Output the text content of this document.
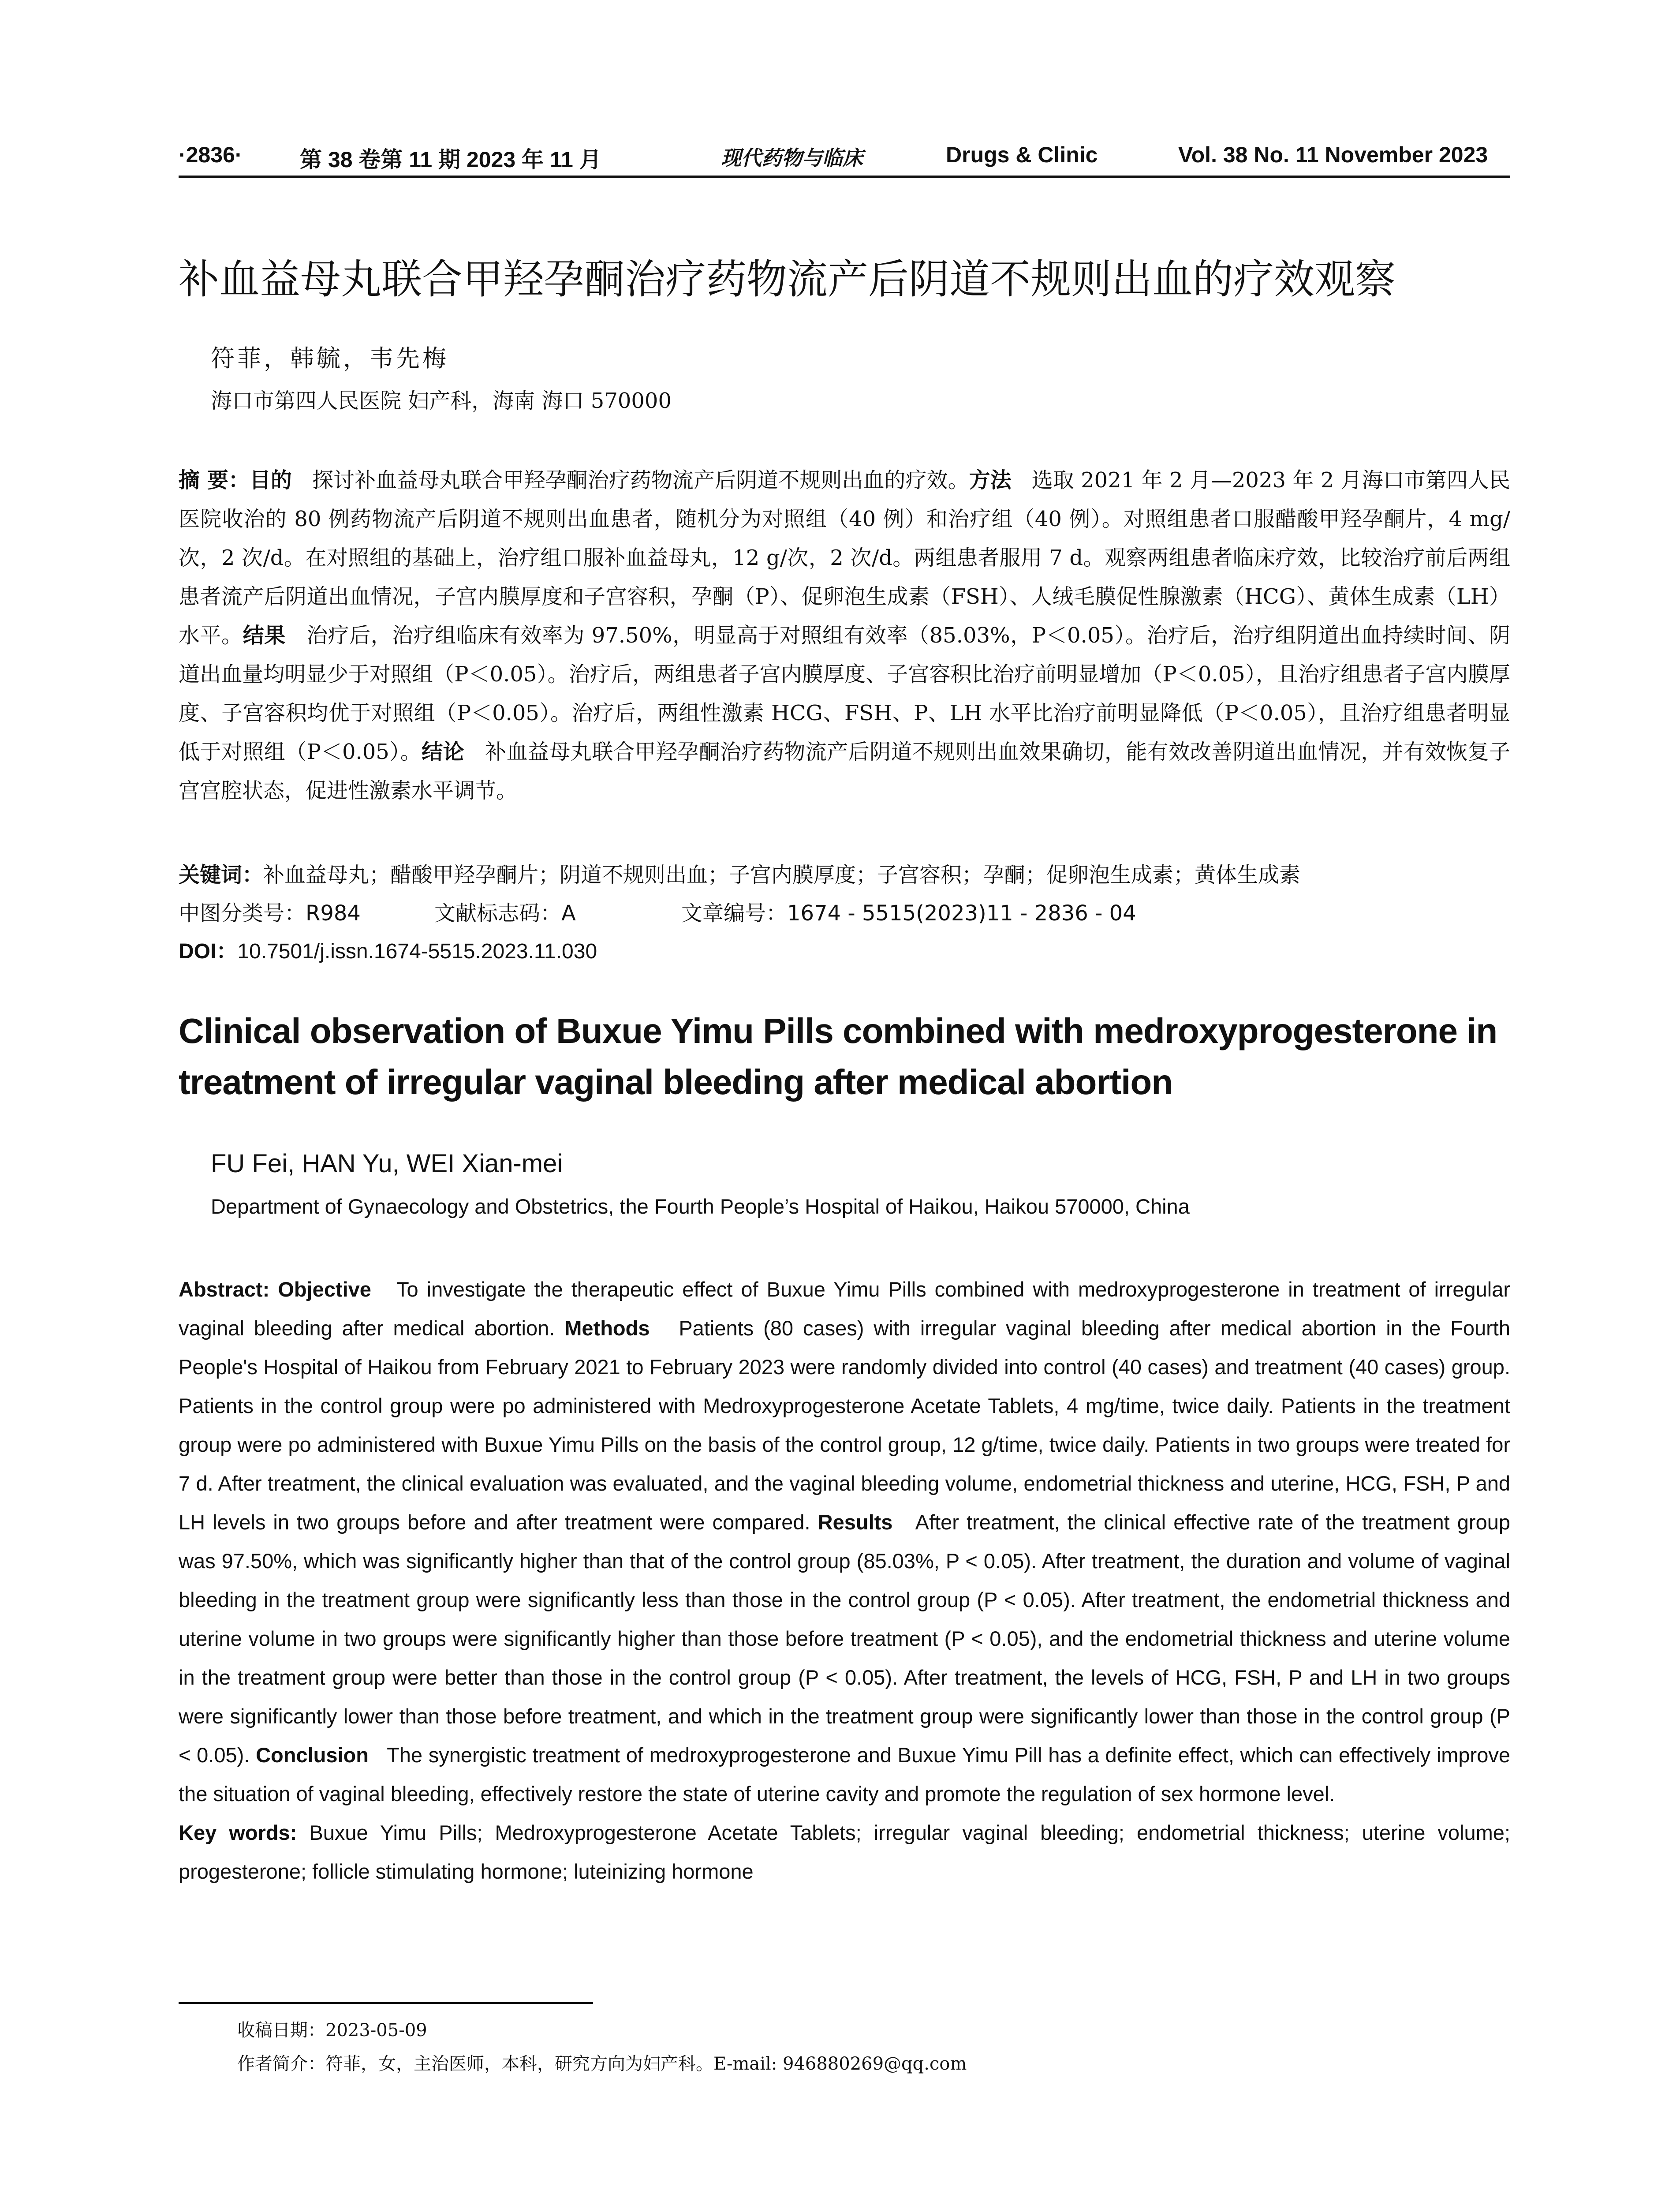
·2836·	第 38 卷第 11 期 2023 年 11 月	现代药物与临床	Drugs & Clinic	Vol. 38 No. 11 November 2023
补血益母丸联合甲羟孕酮治疗药物流产后阴道不规则出血的疗效观察
符菲，韩毓，韦先梅
海口市第四人民医院 妇产科，海南 海口 570000
摘 要：目的 探讨补血益母丸联合甲羟孕酮治疗药物流产后阴道不规则出血的疗效。方法 选取 2021 年 2 月—2023 年 2 月海口市第四人民医院收治的 80 例药物流产后阴道不规则出血患者，随机分为对照组（40 例）和治疗组（40 例）。对照组患者口服醋酸甲羟孕酮片，4 mg/次，2 次/d。在对照组的基础上，治疗组口服补血益母丸，12 g/次，2 次/d。两组患者服用 7 d。观察两组患者临床疗效，比较治疗前后两组患者流产后阴道出血情况，子宫内膜厚度和子宫容积，孕酮（P）、促卵泡生成素（FSH）、人绒毛膜促性腺激素（HCG）、黄体生成素（LH）水平。结果 治疗后，治疗组临床有效率为 97.50%，明显高于对照组有效率（85.03%，P＜0.05）。治疗后，治疗组阴道出血持续时间、阴道出血量均明显少于对照组（P＜0.05）。治疗后，两组患者子宫内膜厚度、子宫容积比治疗前明显增加（P＜0.05），且治疗组患者子宫内膜厚度、子宫容积均优于对照组（P＜0.05）。治疗后，两组性激素 HCG、FSH、P、LH 水平比治疗前明显降低（P＜0.05），且治疗组患者明显低于对照组（P＜0.05）。结论 补血益母丸联合甲羟孕酮治疗药物流产后阴道不规则出血效果确切，能有效改善阴道出血情况，并有效恢复子宫宫腔状态，促进性激素水平调节。
关键词：补血益母丸；醋酸甲羟孕酮片；阴道不规则出血；子宫内膜厚度；子宫容积；孕酮；促卵泡生成素；黄体生成素
中图分类号：R984	文献标志码：A	文章编号：1674 - 5515(2023)11 - 2836 - 04
DOI：10.7501/j.issn.1674-5515.2023.11.030
Clinical observation of Buxue Yimu Pills combined with medroxyprogesterone in treatment of irregular vaginal bleeding after medical abortion
FU Fei, HAN Yu, WEI Xian-mei
Department of Gynaecology and Obstetrics, the Fourth People’s Hospital of Haikou, Haikou 570000, China
Abstract: Objective To investigate the therapeutic effect of Buxue Yimu Pills combined with medroxyprogesterone in treatment of irregular vaginal bleeding after medical abortion. Methods Patients (80 cases) with irregular vaginal bleeding after medical abortion in the Fourth People's Hospital of Haikou from February 2021 to February 2023 were randomly divided into control (40 cases) and treatment (40 cases) group. Patients in the control group were po administered with Medroxyprogesterone Acetate Tablets, 4 mg/time, twice daily. Patients in the treatment group were po administered with Buxue Yimu Pills on the basis of the control group, 12 g/time, twice daily. Patients in two groups were treated for 7 d. After treatment, the clinical evaluation was evaluated, and the vaginal bleeding volume, endometrial thickness and uterine, HCG, FSH, P and LH levels in two groups before and after treatment were compared. Results After treatment, the clinical effective rate of the treatment group was 97.50%, which was significantly higher than that of the control group (85.03%, P < 0.05). After treatment, the duration and volume of vaginal bleeding in the treatment group were significantly less than those in the control group (P < 0.05). After treatment, the endometrial thickness and uterine volume in two groups were significantly higher than those before treatment (P < 0.05), and the endometrial thickness and uterine volume in the treatment group were better than those in the control group (P < 0.05). After treatment, the levels of HCG, FSH, P and LH in two groups were significantly lower than those before treatment, and which in the treatment group were significantly lower than those in the control group (P < 0.05). Conclusion The synergistic treatment of medroxyprogesterone and Buxue Yimu Pill has a definite effect, which can effectively improve the situation of vaginal bleeding, effectively restore the state of uterine cavity and promote the regulation of sex hormone level.
Key words: Buxue Yimu Pills; Medroxyprogesterone Acetate Tablets; irregular vaginal bleeding; endometrial thickness; uterine volume; progesterone; follicle stimulating hormone; luteinizing hormone
收稿日期：2023-05-09
作者简介：符菲，女，主治医师，本科，研究方向为妇产科。E-mail: 946880269@qq.com
